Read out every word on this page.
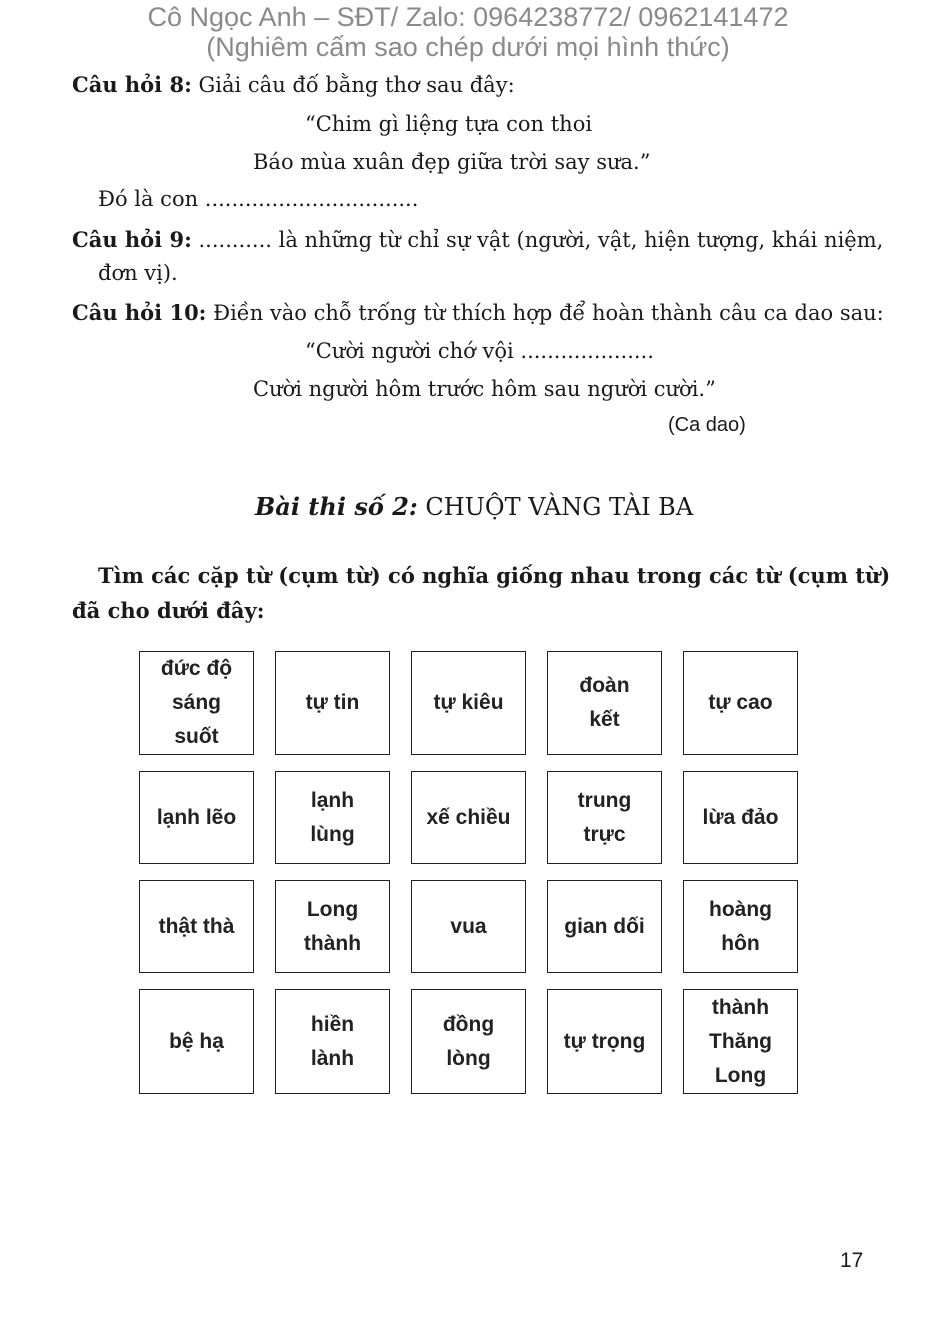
Cô Ngọc Anh – SĐT/ Zalo: 0964238772/ 0962141472
(Nghiêm cấm sao chép dưới mọi hình thức)
Câu hỏi 8: Giải câu đố bằng thơ sau đây:
“Chim gì liệng tựa con thoi
Báo mùa xuân đẹp giữa trời say sưa.”
Đó là con ................................
Câu hỏi 9: ........... là những từ chỉ sự vật (người, vật, hiện tượng, khái niệm,
đơn vị).
Câu hỏi 10: Điền vào chỗ trống từ thích hợp để hoàn thành câu ca dao sau:
“Cười người chớ vội ....................
Cười người hôm trước hôm sau người cười.”
(Ca dao)
Bài thi số 2: CHUỘT VÀNG TÀI BA
Tìm các cặp từ (cụm từ) có nghĩa giống nhau trong các từ (cụm từ)
đã cho dưới đây:
đức độ
sáng
suốt
tự tin	tự kiêu
đoàn
kết
tự cao
lạnh lẽo
lạnh
lùng
xế chiều
trung
trực
lừa đảo
thật thà
Long
thành
vua	gian dối
hoàng
hôn
bệ hạ
hiền
lành
đồng
lòng
tự trọng
thành
Thăng
Long
17
